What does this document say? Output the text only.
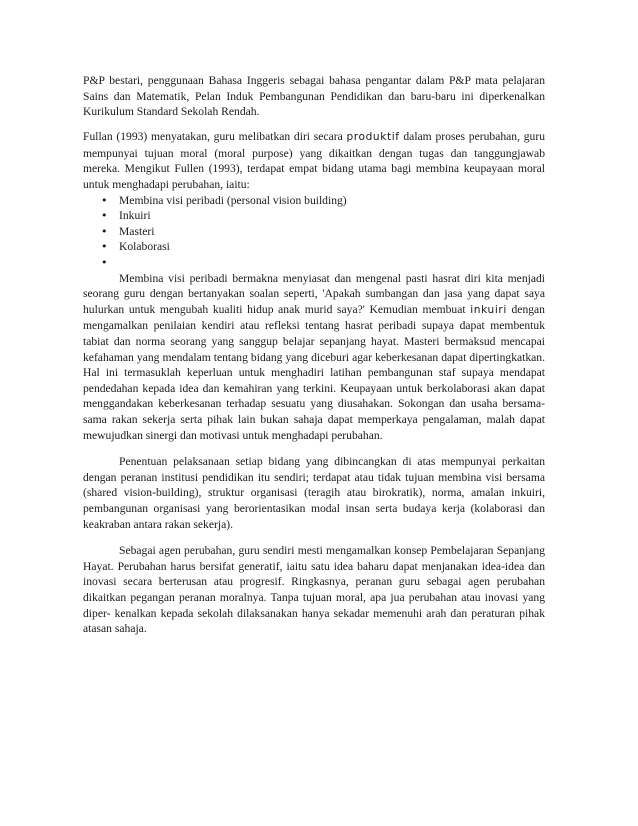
P&P bestari, penggunaan Bahasa Inggeris sebagai bahasa pengantar dalam P&P mata pelajaran Sains dan Matematik, Pelan Induk Pembangunan Pendidikan dan baru-baru ini diperkenalkan Kurikulum Standard Sekolah Rendah.

Fullan (1993) menyatakan, guru melibatkan diri secara produktif dalam proses perubahan, guru mempunyai tujuan moral (moral purpose) yang dikaitkan dengan tugas dan tanggungjawab mereka. Mengikut Fullen (1993), terdapat empat bidang utama bagi membina keupayaan moral untuk menghadapi perubahan, iaitu:

• Membina visi peribadi (personal vision building)
• Inkuiri
• Masteri
• Kolaborasi
•

Membina visi peribadi bermakna menyiasat dan mengenal pasti hasrat diri kita menjadi seorang guru dengan bertanyakan soalan seperti, 'Apakah sumbangan dan jasa yang dapat saya hulurkan untuk mengubah kualiti hidup anak murid saya?' Kemudian membuat inkuiri dengan mengamalkan penilaian kendiri atau refleksi tentang hasrat peribadi supaya dapat membentuk tabiat dan norma seorang yang sanggup belajar sepanjang hayat. Masteri bermaksud mencapai kefahaman yang mendalam tentang bidang yang diceburi agar keberkesanan dapat dipertingkatkan. Hal ini termasuklah keperluan untuk menghadiri latihan pembangunan staf supaya mendapat pendedahan kepada idea dan kemahiran yang terkini. Keupayaan untuk berkolaborasi akan dapat menggandakan keberkesanan terhadap sesuatu yang diusahakan. Sokongan dan usaha bersama-sama rakan sekerja serta pihak lain bukan sahaja dapat memperkaya pengalaman, malah dapat mewujudkan sinergi dan motivasi untuk menghadapi perubahan.

Penentuan pelaksanaan setiap bidang yang dibincangkan di atas mempunyai perkaitan dengan peranan institusi pendidikan itu sendiri; terdapat atau tidak tujuan membina visi bersama (shared vision-building), struktur organisasi (teragih atau birokratik), norma, amalan inkuiri, pembangunan organisasi yang berorientasikan modal insan serta budaya kerja (kolaborasi dan keakraban antara rakan sekerja).

Sebagai agen perubahan, guru sendiri mesti mengamalkan konsep Pembelajaran Sepanjang Hayat. Perubahan harus bersifat generatif, iaitu satu idea baharu dapat menjanakan idea-idea dan inovasi secara berterusan atau progresif. Ringkasnya, peranan guru sebagai agen perubahan dikaitkan pegangan peranan moralnya. Tanpa tujuan moral, apa jua perubahan atau inovasi yang diper- kenalkan kepada sekolah dilaksanakan hanya sekadar memenuhi arah dan peraturan pihak atasan sahaja.
